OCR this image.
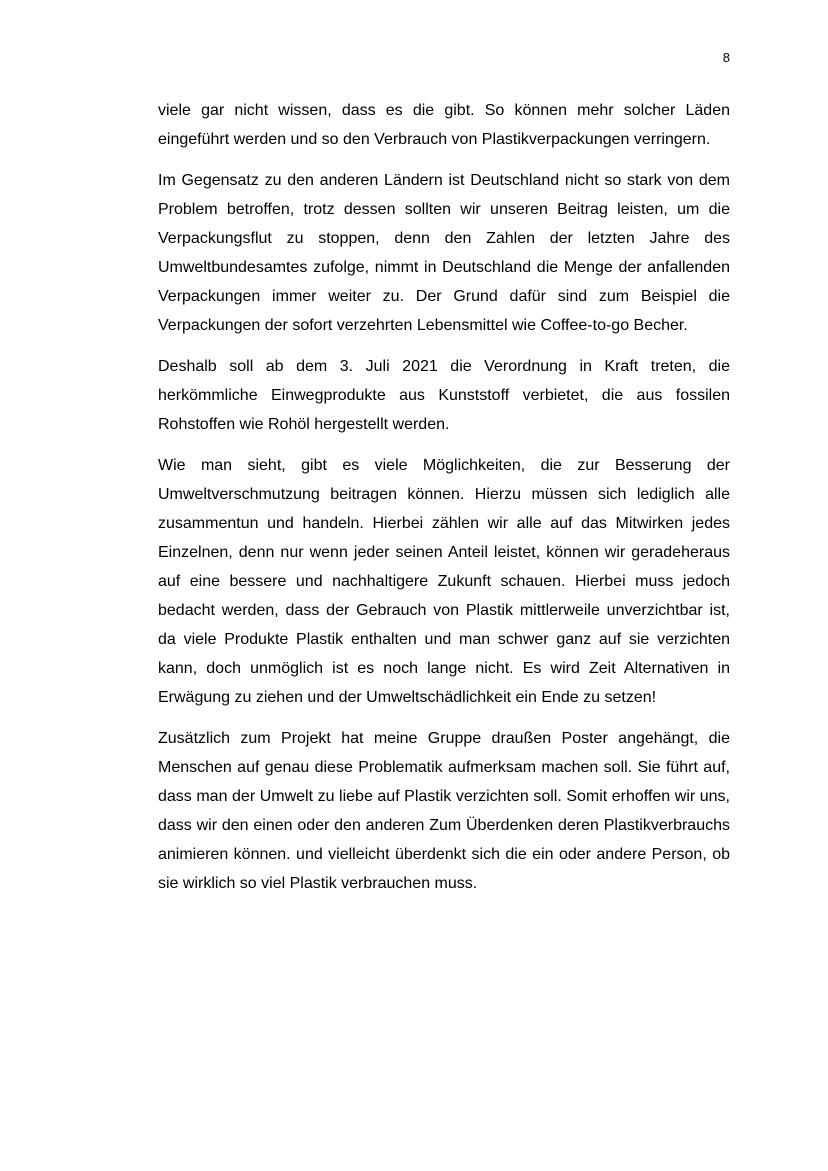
8

viele gar nicht wissen, dass es die gibt. So können mehr solcher Läden eingeführt werden und so den Verbrauch von Plastikverpackungen verringern.

Im Gegensatz zu den anderen Ländern ist Deutschland nicht so stark von dem Problem betroffen, trotz dessen sollten wir unseren Beitrag leisten, um die Verpackungsflut zu stoppen, denn den Zahlen der letzten Jahre des Umweltbundesamtes zufolge, nimmt in Deutschland die Menge der anfallenden Verpackungen immer weiter zu. Der Grund dafür sind zum Beispiel die Verpackungen der sofort verzehrten Lebensmittel wie Coffee-to-go Becher.

Deshalb soll ab dem 3. Juli 2021 die Verordnung in Kraft treten, die herkömmliche Einwegprodukte aus Kunststoff verbietet, die aus fossilen Rohstoffen wie Rohöl hergestellt werden.

Wie man sieht, gibt es viele Möglichkeiten, die zur Besserung der Umweltverschmutzung beitragen können. Hierzu müssen sich lediglich alle zusammentun und handeln. Hierbei zählen wir alle auf das Mitwirken jedes Einzelnen, denn nur wenn jeder seinen Anteil leistet, können wir geradeheraus auf eine bessere und nachhaltigere Zukunft schauen. Hierbei muss jedoch bedacht werden, dass der Gebrauch von Plastik mittlerweile unverzichtbar ist, da viele Produkte Plastik enthalten und man schwer ganz auf sie verzichten kann, doch unmöglich ist es noch lange nicht. Es wird Zeit Alternativen in Erwägung zu ziehen und der Umweltschädlichkeit ein Ende zu setzen!

Zusätzlich zum Projekt hat meine Gruppe draußen Poster angehängt, die Menschen auf genau diese Problematik aufmerksam machen soll. Sie führt auf, dass man der Umwelt zu liebe auf Plastik verzichten soll. Somit erhoffen wir uns, dass wir den einen oder den anderen Zum Überdenken deren Plastikverbrauchs animieren können. und vielleicht überdenkt sich die ein oder andere Person, ob sie wirklich so viel Plastik verbrauchen muss.
